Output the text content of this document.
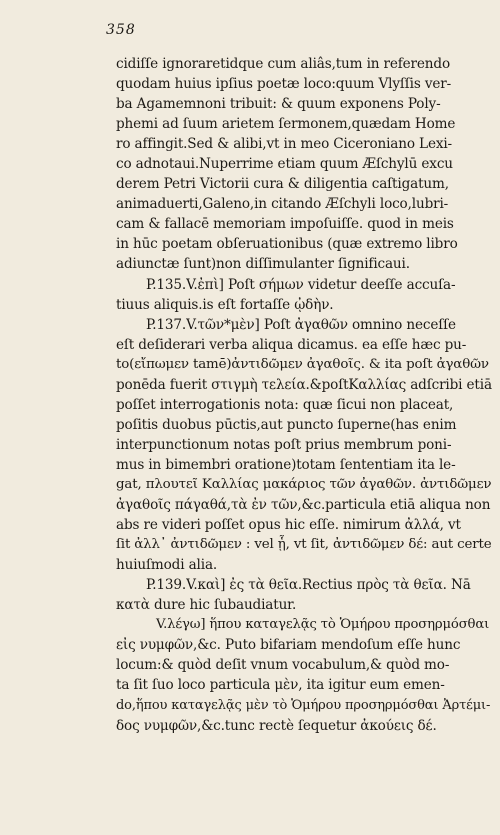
358
cidiſſe ignoraretidque cum aliâs,tum in referendo
quodam huius ipſius poetæ loco:quum Vlyſſis ver-
ba Agamemnoni tribuit: & quum exponens Poly-
phemi ad ſuum arietem ſermonem,quædam Home
ro affingit.Sed & alibi,vt in meo Ciceroniano Lexi-
co adnotaui.Nuperrime etiam quum Æſchylū excu
derem Petri Victorii cura & diligentia caſtigatum,
animaduerti,Galeno,in citando Æſchyli loco,lubri-
cam & fallacē memoriam impoſuiſſe. quod in meis
in hūc poetam obſeruationibus (quæ extremo libro
adiunctæ ſunt)non diſſimulanter ſignificaui.
P.135.V.ἐπὶ] Poſt σήμων videtur deeſſe accuſa-
tiuus aliquis.is eſt fortaſſe ᾠδὴν.
P.137.V.τῶν*μὲν] Poſt ἀγαθῶν omnino neceſſe
eſt deſiderari verba aliqua dicamus. ea eſſe hæc pu-
to(εἴπωμεν tamē)ἀντιδῶμεν ἀγαθοῖς. & ita poſt ἀγαθῶν
ponēda fuerit στιγμὴ τελεία.&poſtΚαλλίας adſcribi etiā
poſſet interrogationis nota: quæ ſicui non placeat,
poſitis duobus pūctis,aut puncto ſuperne(has enim
interpunctionum notas poſt prius membrum poni-
mus in bimembri oratione)totam ſententiam ita le-
gat, πλουτεῖ Καλλίας μακάριος τῶν ἀγαθῶν. ἀντιδῶμεν
ἀγαθοῖς πάγαθά,τὰ ἐν τῶν,&c.particula etiā aliqua non
abs re videri poſſet opus hic eſſe. nimirum ἀλλά, vt
ſit ἀλλ᾽ ἀντιδῶμεν : vel ᾗ, vt ſit, ἀντιδῶμεν δέ: aut certe
huiuſmodi alia.
P.139.V.καὶ] ἐς τὰ θεῖα.Rectius πρὸς τὰ θεῖα. Nā
κατὰ dure hic ſubaudiatur.
V.λέγω] ἥπου καταγελᾷς τὸ Ὁμήρου προσηρμόσθαι
εἰς νυμφῶν,&c. Puto bifariam mendoſum eſſe hunc
locum:& quòd deſit vnum vocabulum,& quòd mo-
ta ſit ſuo loco particula μὲν, ita igitur eum emen-
do,ἥπου καταγελᾷς μὲν τὸ Ὁμήρου προσηρμόσθαι Ἀρτέμι-
δος νυμφῶν,&c.tunc rectè ſequetur ἀκούεις δέ.
